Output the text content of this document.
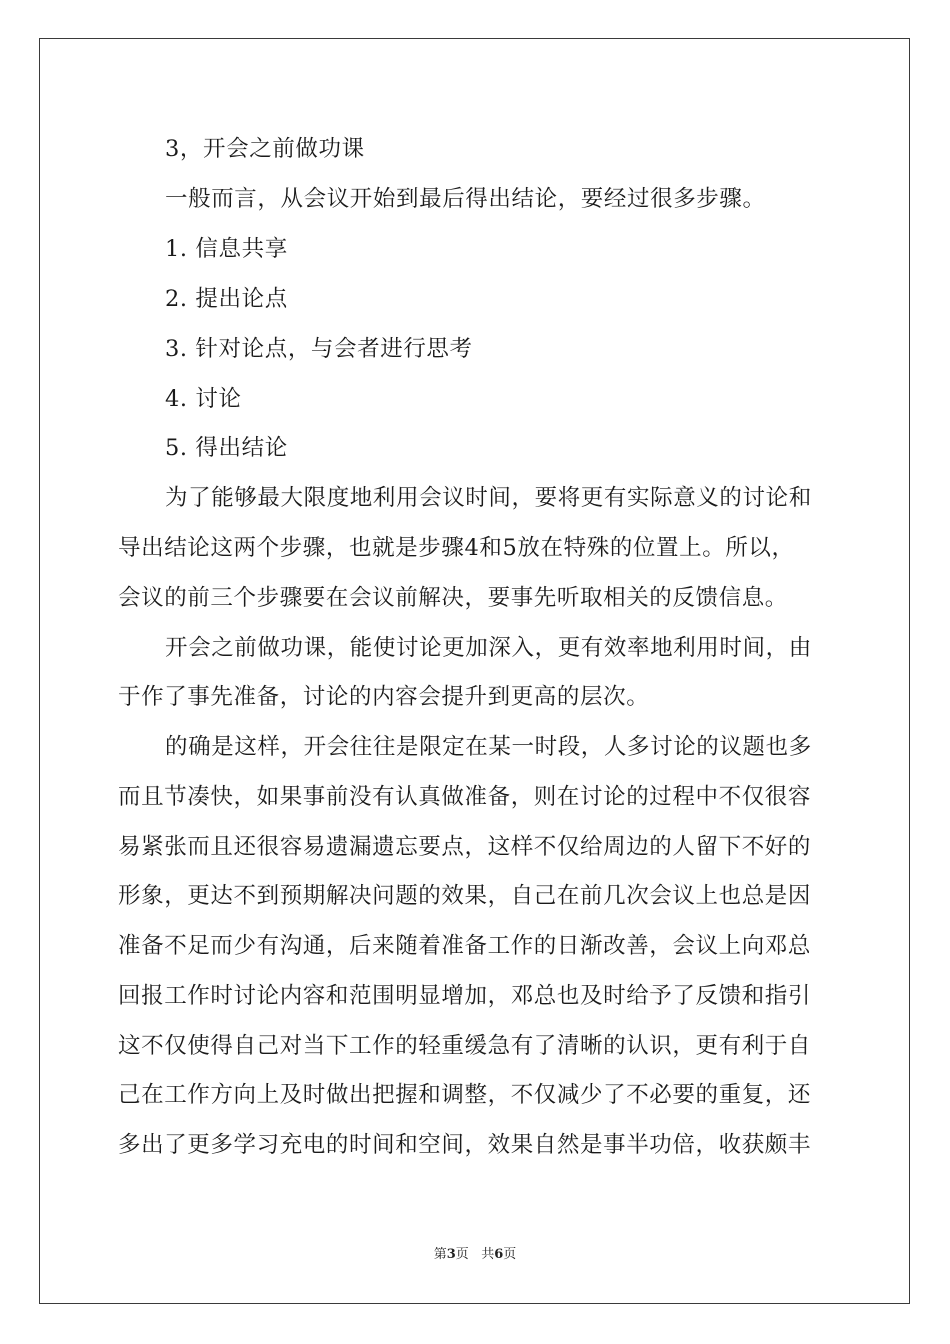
3，开会之前做功课
一般而言，从会议开始到最后得出结论，要经过很多步骤。
1. 信息共享
2. 提出论点
3. 针对论点，与会者进行思考
4. 讨论
5. 得出结论
为了能够最大限度地利用会议时间，要将更有实际意义的讨论和
导出结论这两个步骤，也就是步骤4和5放在特殊的位置上。所以，
会议的前三个步骤要在会议前解决，要事先听取相关的反馈信息。
开会之前做功课，能使讨论更加深入，更有效率地利用时间，由
于作了事先准备，讨论的内容会提升到更高的层次。
的确是这样，开会往往是限定在某一时段，人多讨论的议题也多
而且节凑快，如果事前没有认真做准备，则在讨论的过程中不仅很容
易紧张而且还很容易遗漏遗忘要点，这样不仅给周边的人留下不好的
形象，更达不到预期解决问题的效果，自己在前几次会议上也总是因
准备不足而少有沟通，后来随着准备工作的日渐改善，会议上向邓总
回报工作时讨论内容和范围明显增加，邓总也及时给予了反馈和指引
这不仅使得自己对当下工作的轻重缓急有了清晰的认识，更有利于自
己在工作方向上及时做出把握和调整，不仅减少了不必要的重复，还
多出了更多学习充电的时间和空间，效果自然是事半功倍，收获颇丰
第3页 共6页
